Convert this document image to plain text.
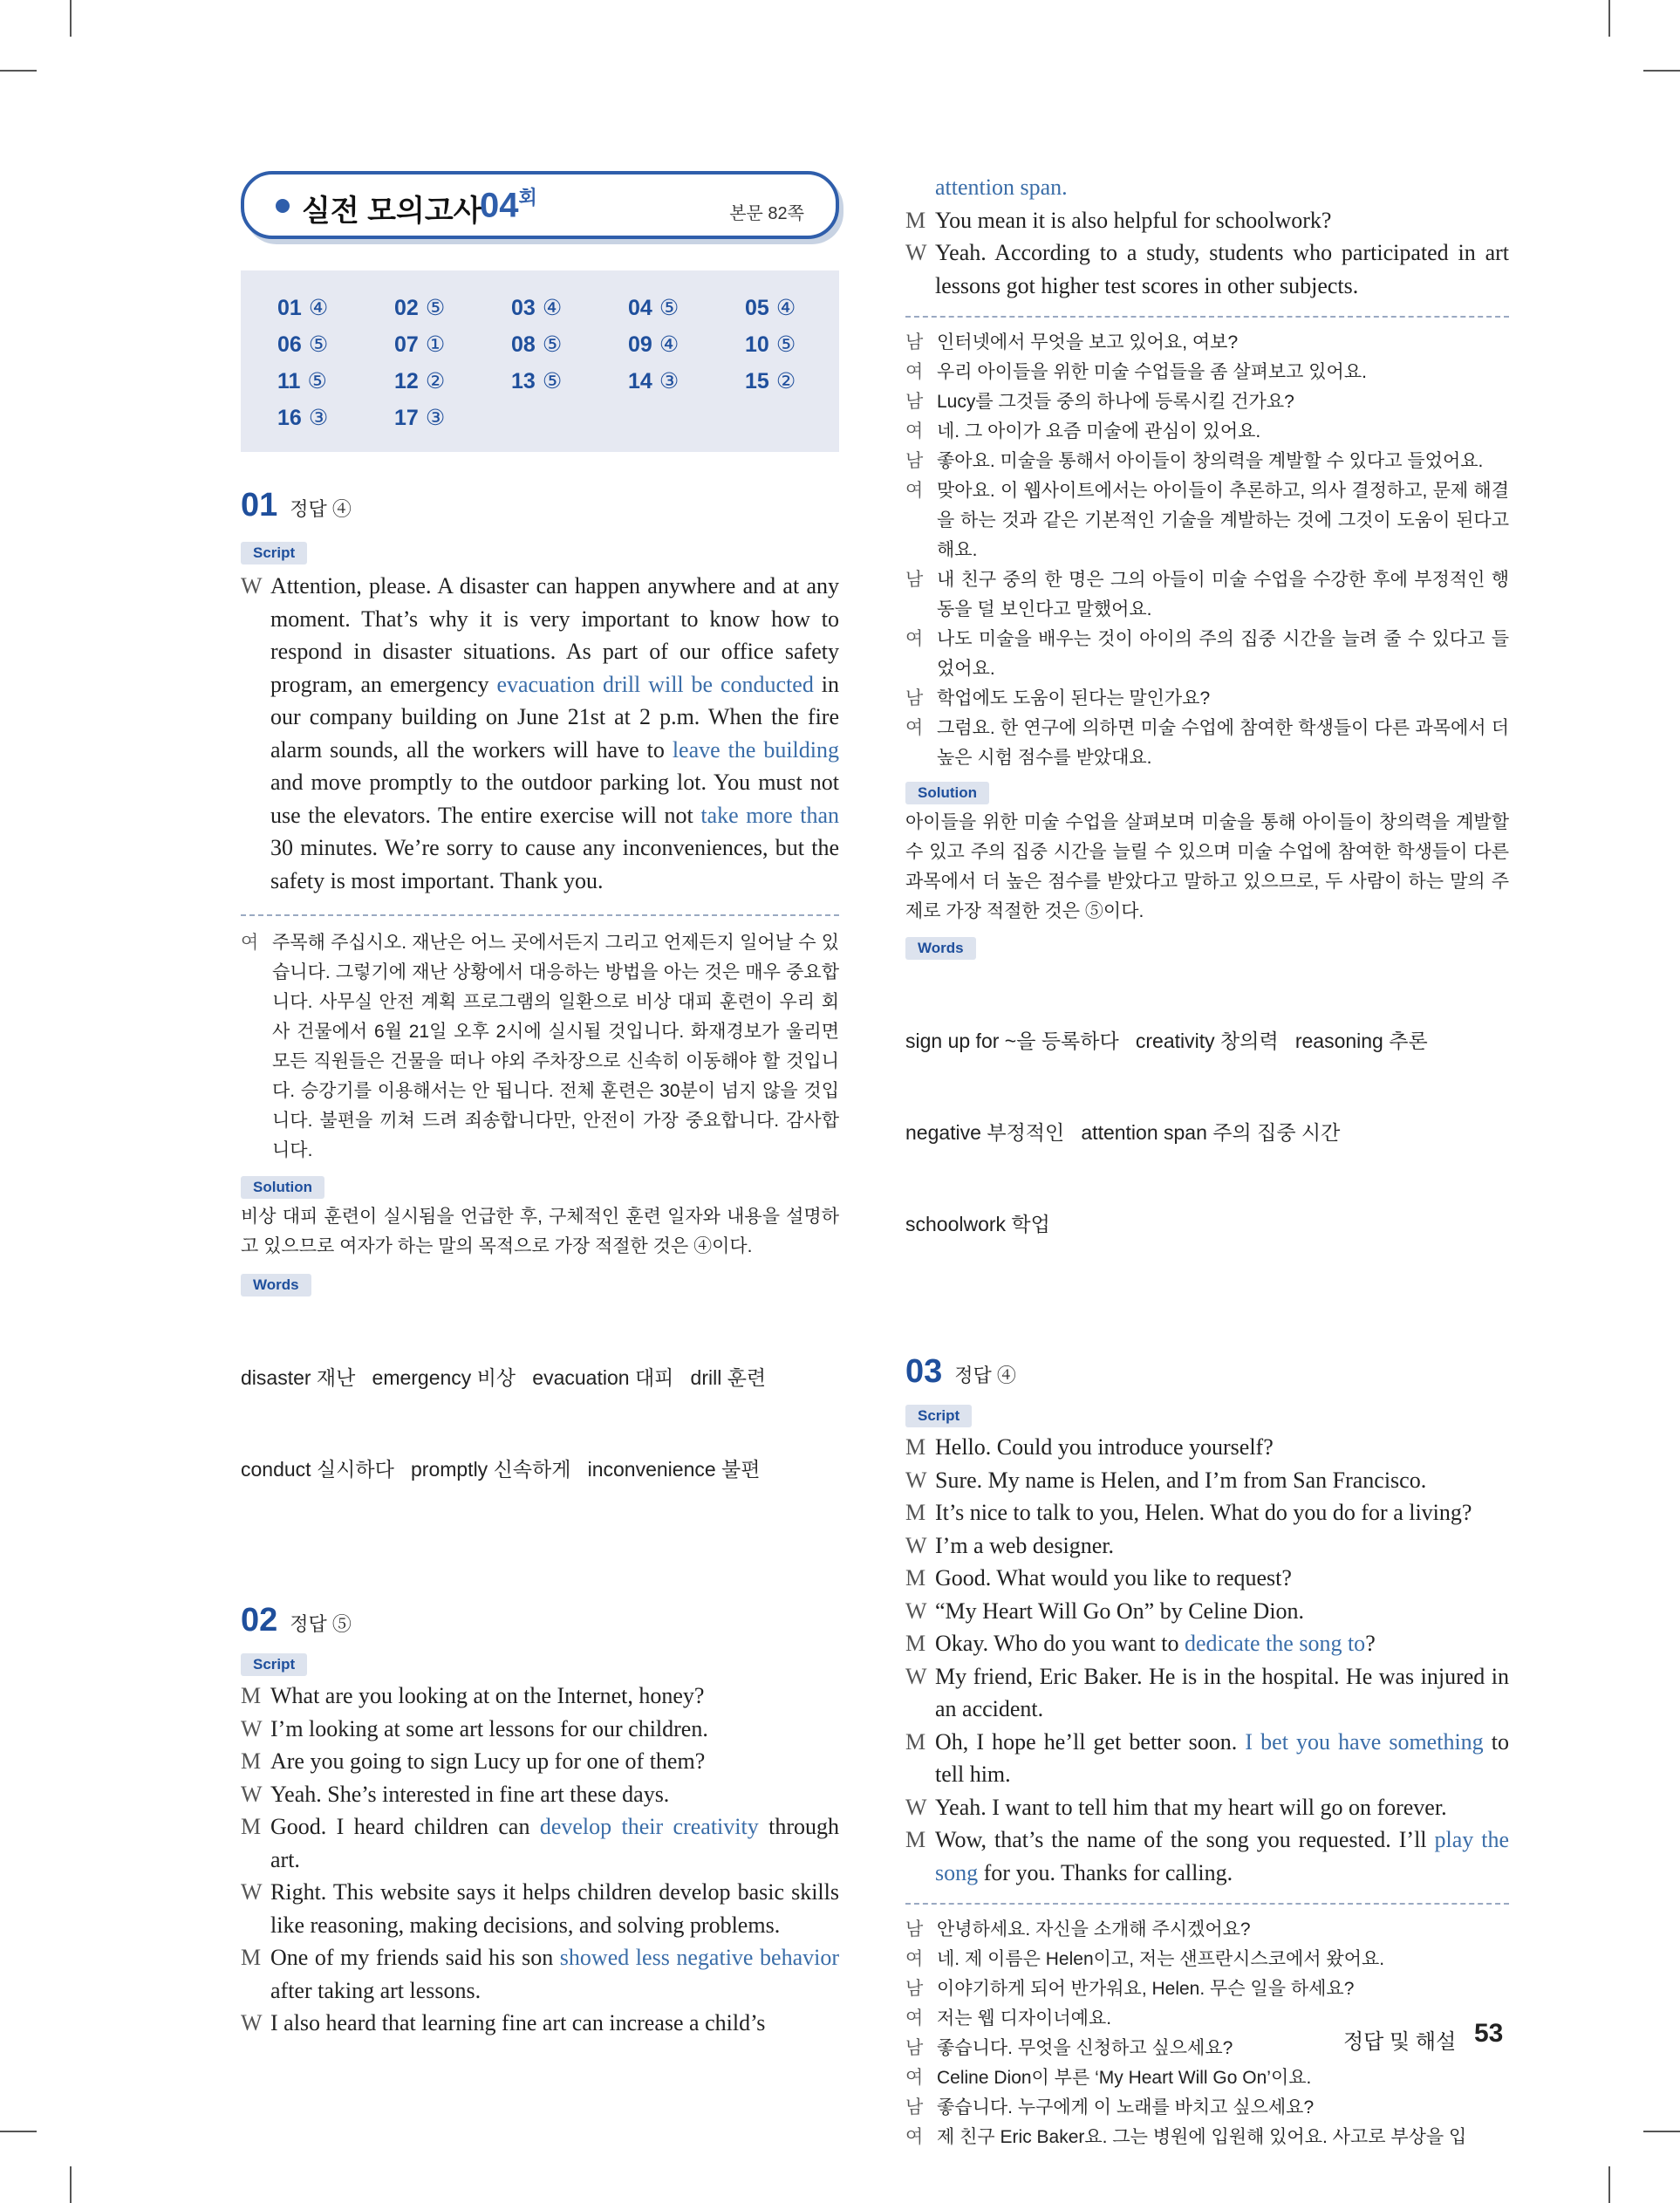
실전 모의고사
$04^회$
본문 82쪽
01 ④	02 ⑤	03 ④	04 ⑤	05 ④
06 ⑤	07 ①	08 ⑤	09 ④	10 ⑤
11 ⑤	12 ②	13 ⑤	14 ③	15 ②
16 ③	17 ③
01 정답 ④
Script
W Attention, please. A disaster can happen anywhere and at any moment. That’s why it is very important to know how to respond in disaster situations. As part of our office safety program, an emergency evacuation drill will be conducted in our company building on June 21st at 2 p.m. When the fire alarm sounds, all the workers will have to leave the building and move promptly to the outdoor parking lot. You must not use the elevators. The entire exercise will not take more than 30 minutes. We’re sorry to cause any inconveniences, but the safety is most important. Thank you.
여 주목해 주십시오. 재난은 어느 곳에서든지 그리고 언제든지 일어날 수 있습니다. 그렇기에 재난 상황에서 대응하는 방법을 아는 것은 매우 중요합니다. 사무실 안전 계획 프로그램의 일환으로 비상 대피 훈련이 우리 회사 건물에서 6월 21일 오후 2시에 실시될 것입니다. 화재경보가 울리면 모든 직원들은 건물을 떠나 야외 주차장으로 신속히 이동해야 할 것입니다. 승강기를 이용해서는 안 됩니다. 전체 훈련은 30분이 넘지 않을 것입니다. 불편을 끼쳐 드려 죄송합니다만, 안전이 가장 중요합니다. 감사합니다.
Solution
비상 대피 훈련이 실시됨을 언급한 후, 구체적인 훈련 일자와 내용을 설명하고 있으므로 여자가 하는 말의 목적으로 가장 적절한 것은 ④이다.
Words

disaster 재난   emergency 비상   evacuation 대피   drill 훈련

conduct 실시하다   promptly 신속하게   inconvenience 불편

02 정답 ⑤
Script
M What are you looking at on the Internet, honey?
W I’m looking at some art lessons for our children.
M Are you going to sign Lucy up for one of them?
W Yeah. She’s interested in fine art these days.
M Good. I heard children can develop their creativity through art.
W Right. This website says it helps children develop basic skills like reasoning, making decisions, and solving problems.
M One of my friends said his son showed less negative behavior after taking art lessons.
W I also heard that learning fine art can increase a child’s
attention span.
M You mean it is also helpful for schoolwork?
W Yeah. According to a study, students who participated in art lessons got higher test scores in other subjects.
남 인터넷에서 무엇을 보고 있어요, 여보?
여 우리 아이들을 위한 미술 수업들을 좀 살펴보고 있어요.
남 Lucy를 그것들 중의 하나에 등록시킬 건가요?
여 네. 그 아이가 요즘 미술에 관심이 있어요.
남 좋아요. 미술을 통해서 아이들이 창의력을 계발할 수 있다고 들었어요.
여 맞아요. 이 웹사이트에서는 아이들이 추론하고, 의사 결정하고, 문제 해결을 하는 것과 같은 기본적인 기술을 계발하는 것에 그것이 도움이 된다고 해요.
남 내 친구 중의 한 명은 그의 아들이 미술 수업을 수강한 후에 부정적인 행동을 덜 보인다고 말했어요.
여 나도 미술을 배우는 것이 아이의 주의 집중 시간을 늘려 줄 수 있다고 들었어요.
남 학업에도 도움이 된다는 말인가요?
여 그럼요. 한 연구에 의하면 미술 수업에 참여한 학생들이 다른 과목에서 더 높은 시험 점수를 받았대요.
Solution
아이들을 위한 미술 수업을 살펴보며 미술을 통해 아이들이 창의력을 계발할 수 있고 주의 집중 시간을 늘릴 수 있으며 미술 수업에 참여한 학생들이 다른 과목에서 더 높은 점수를 받았다고 말하고 있으므로, 두 사람이 하는 말의 주제로 가장 적절한 것은 ⑤이다.
Words

sign up for ~을 등록하다   creativity 창의력   reasoning 추론

negative 부정적인   attention span 주의 집중 시간

schoolwork 학업

03 정답 ④
Script
M Hello. Could you introduce yourself?
W Sure. My name is Helen, and I’m from San Francisco.
M It’s nice to talk to you, Helen. What do you do for a living?
W I’m a web designer.
M Good. What would you like to request?
W “My Heart Will Go On” by Celine Dion.
M Okay. Who do you want to dedicate the song to?
W My friend, Eric Baker. He is in the hospital. He was injured in an accident.
M Oh, I hope he’ll get better soon. I bet you have something to tell him.
W Yeah. I want to tell him that my heart will go on forever.
M Wow, that’s the name of the song you requested. I’ll play the song for you. Thanks for calling.
남 안녕하세요. 자신을 소개해 주시겠어요?
여 네. 제 이름은 Helen이고, 저는 샌프란시스코에서 왔어요.
남 이야기하게 되어 반가워요, Helen. 무슨 일을 하세요?
여 저는 웹 디자이너예요.
남 좋습니다. 무엇을 신청하고 싶으세요?
여 Celine Dion이 부른 ‘My Heart Will Go On’이요.
남 좋습니다. 누구에게 이 노래를 바치고 싶으세요?
여 제 친구 Eric Baker요. 그는 병원에 입원해 있어요. 사고로 부상을 입
정답 및 해설 53
